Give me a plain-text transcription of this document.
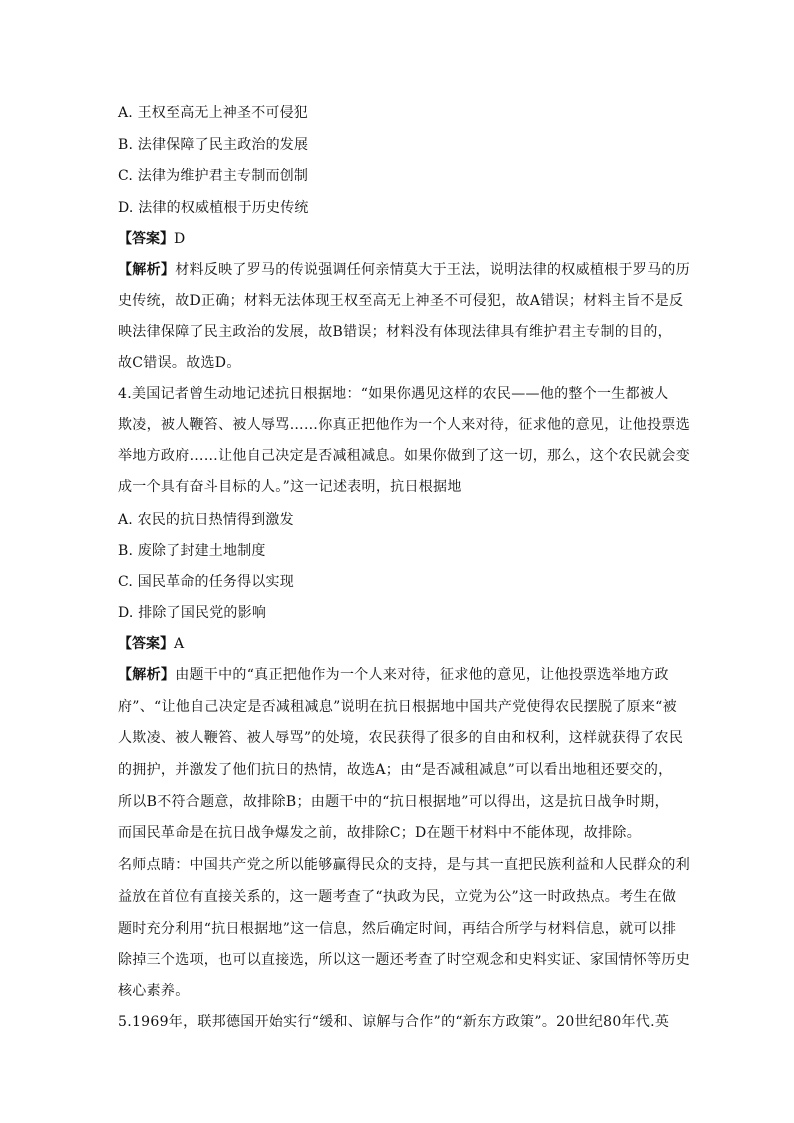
A. 王权至高无上神圣不可侵犯
B. 法律保障了民主政治的发展
C. 法律为维护君主专制而创制
D. 法律的权威植根于历史传统
【答案】D
【解析】材料反映了罗马的传说强调任何亲情莫大于王法，说明法律的权威植根于罗马的历
史传统，故D正确；材料无法体现王权至高无上神圣不可侵犯，故A错误；材料主旨不是反
映法律保障了民主政治的发展，故B错误；材料没有体现法律具有维护君主专制的目的，
故C错误。故选D。
4.美国记者曾生动地记述抗日根据地：“如果你遇见这样的农民——他的整个一生都被人
欺凌，被人鞭笞、被人辱骂……你真正把他作为一个人来对待，征求他的意见，让他投票选
举地方政府……让他自己决定是否减租减息。如果你做到了这一切，那么，这个农民就会变
成一个具有奋斗目标的人。”这一记述表明，抗日根据地
A. 农民的抗日热情得到激发
B. 废除了封建土地制度
C. 国民革命的任务得以实现
D. 排除了国民党的影响
【答案】A
【解析】由题干中的“真正把他作为一个人来对待，征求他的意见，让他投票选举地方政
府”、“让他自己决定是否减租减息”说明在抗日根据地中国共产党使得农民摆脱了原来“被
人欺凌、被人鞭笞、被人辱骂”的处境，农民获得了很多的自由和权利，这样就获得了农民
的拥护，并激发了他们抗日的热情，故选A；由“是否减租减息”可以看出地租还要交的，
所以B不符合题意，故排除B；由题干中的“抗日根据地”可以得出，这是抗日战争时期，
而国民革命是在抗日战争爆发之前，故排除C；D在题干材料中不能体现，故排除。
名师点睛：中国共产党之所以能够赢得民众的支持，是与其一直把民族利益和人民群众的利
益放在首位有直接关系的，这一题考查了“执政为民，立党为公”这一时政热点。考生在做
题时充分利用“抗日根据地”这一信息，然后确定时间，再结合所学与材料信息，就可以排
除掉三个选项，也可以直接选，所以这一题还考查了时空观念和史料实证、家国情怀等历史
核心素养。
5.1969年，联邦德国开始实行“缓和、谅解与合作”的“新东方政策”。20世纪80年代.英
